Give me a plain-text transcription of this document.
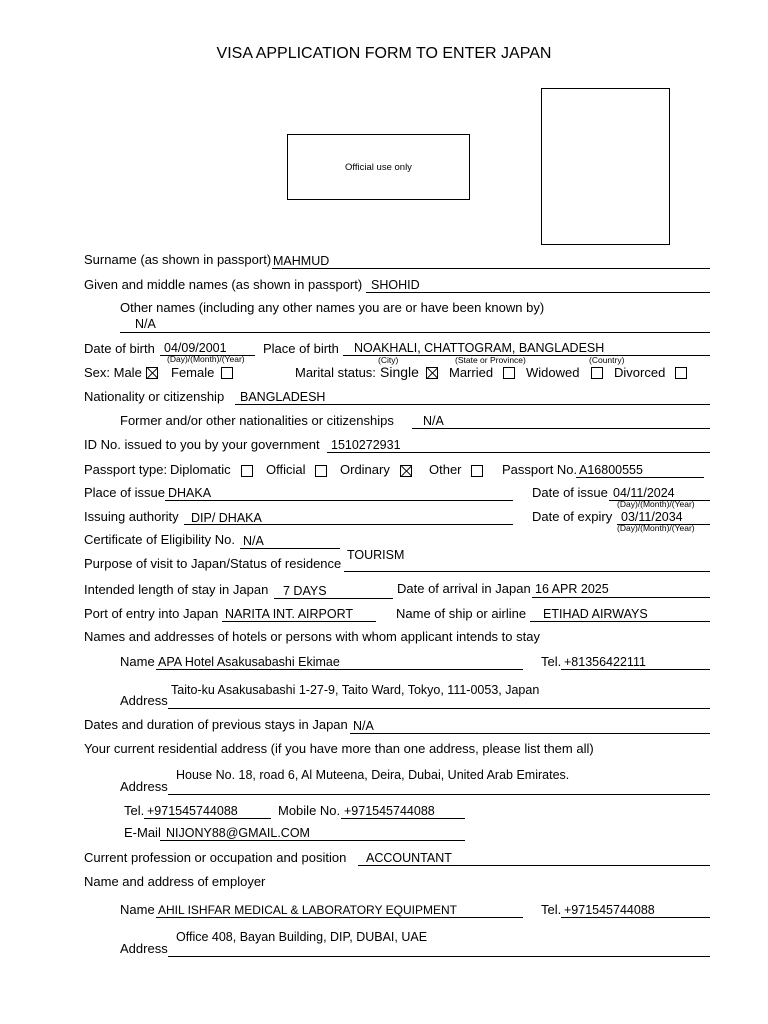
VISA APPLICATION FORM TO ENTER JAPAN
Official use only
Surname (as shown in passport) MAHMUD
Given and middle names (as shown in passport) SHOHID
Other names (including any other names you are or have been known by)
N/A
Date of birth 04/09/2001
(Day)/(Month)/(Year)
Place of birth NOAKHALI, CHATTOGRAM, BANGLADESH
(City)	(State or Province)	(Country)
Sex: Male Female	Marital status: Single Married	Widowed	Divorced
Nationality or citizenship BANGLADESH
Former and/or other nationalities or citizenships N/A
ID No. issued to you by your government 1510272931
Passport type: Diplomatic	Official	Ordinary	Other	Passport No. A16800555
Place of issue DHAKA	Date of issue 04/11/2024
(Day)/(Month)/(Year)
Issuing authority DIP/ DHAKA	Date of expiry 03/11/2034
(Day)/(Month)/(Year)
Certificate of Eligibility No. N/A
Purpose of visit to Japan/Status of residence
TOURISM
Intended length of stay in Japan 7 DAYS	Date of arrival in Japan 16 APR 2025
Port of entry into Japan NARITA INT. AIRPORT	Name of ship or airline ETIHAD AIRWAYS
Names and addresses of hotels or persons with whom applicant intends to stay
Name APA Hotel Asakusabashi Ekimae	Tel. +81356422111
Taito-ku Asakusabashi 1-27-9, Taito Ward, Tokyo, 111-0053, Japan
Address
Dates and duration of previous stays in Japan N/A
Your current residential address (if you have more than one address, please list them all)
House No. 18, road 6, Al Muteena, Deira, Dubai, United Arab Emirates.
Address
Tel. +971545744088	Mobile No. +971545744088
E-Mail NIJONY88@GMAIL.COM
Current profession or occupation and position ACCOUNTANT
Name and address of employer
Name AHIL ISHFAR MEDICAL & LABORATORY EQUIPMENT	Tel. +971545744088
Office 408, Bayan Building, DIP, DUBAI, UAE
Address
